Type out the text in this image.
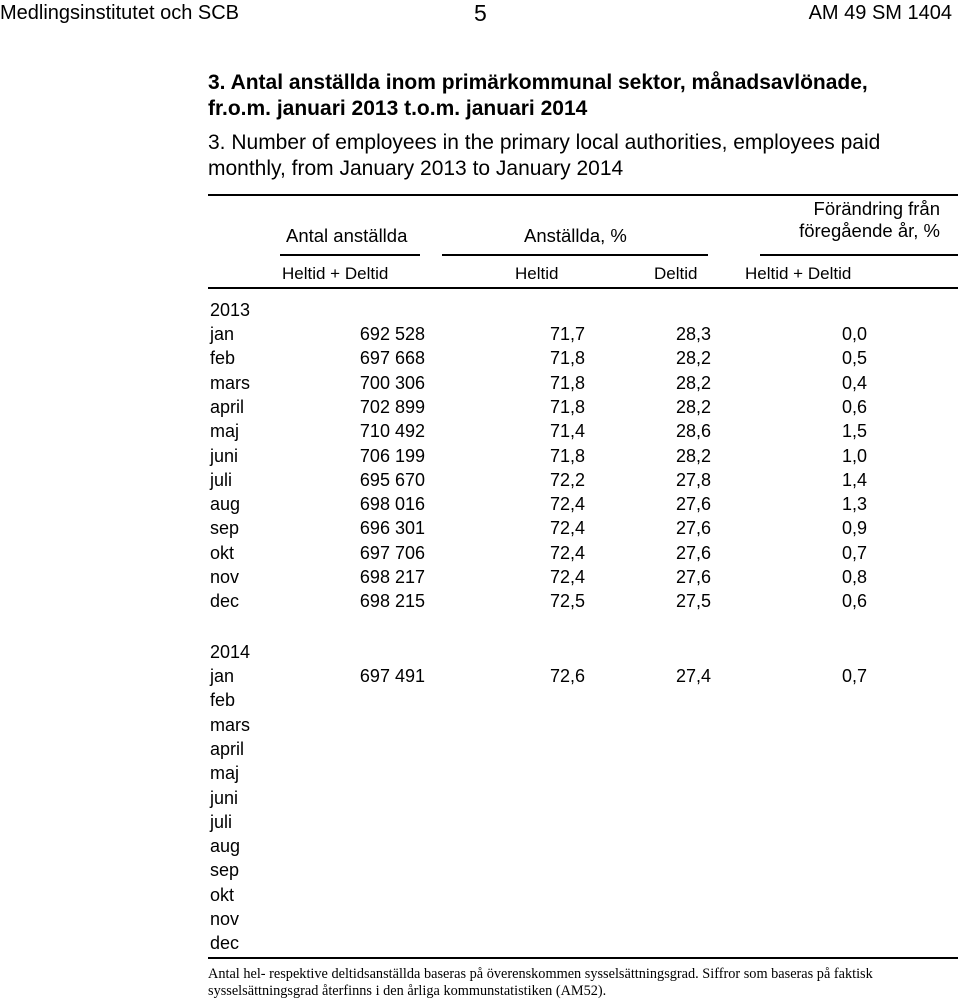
Medlingsinstitutet och SCB	5	AM 49 SM 1404
3. Antal anställda inom primärkommunal sektor, månadsavlönade,
fr.o.m. januari 2013 t.o.m. januari 2014
3. Number of employees in the primary local authorities, employees paid
monthly, from January 2013 to January 2014
Antal anställda	Anställda, %
Förändring från
föregående år, %
Heltid + Deltid	Heltid	Deltid	Heltid + Deltid
2013
jan	692 528	71,7	28,3	0,0
feb	697 668	71,8	28,2	0,5
mars	700 306	71,8	28,2	0,4
april	702 899	71,8	28,2	0,6
maj	710 492	71,4	28,6	1,5
juni	706 199	71,8	28,2	1,0
juli	695 670	72,2	27,8	1,4
aug	698 016	72,4	27,6	1,3
sep	696 301	72,4	27,6	0,9
okt	697 706	72,4	27,6	0,7
nov	698 217	72,4	27,6	0,8
dec	698 215	72,5	27,5	0,6
2014
jan	697 491	72,6	27,4	0,7
feb
mars
april
maj
juni
juli
aug
sep
okt
nov
dec
Antal hel- respektive deltidsanställda baseras på överenskommen sysselsättningsgrad. Siffror som baseras på faktisk sysselsättningsgrad återfinns i den årliga kommunstatistiken (AM52).
